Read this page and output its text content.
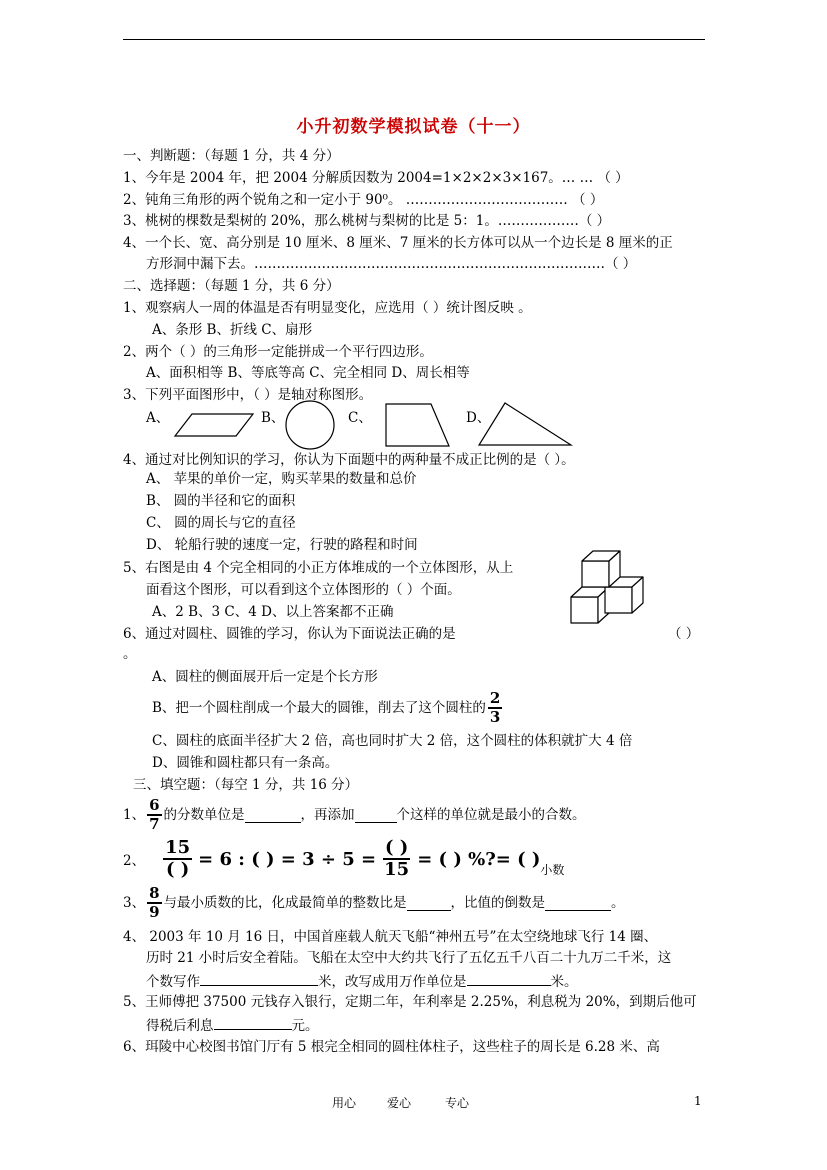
小升初数学模拟试卷（十一）
一、判断题：（每题 1 分，共 4 分）
1、今年是 2004 年，把 2004 分解质因数为 2004=1×2×2×3×167。… … （ ）
2、钝角三角形的两个锐角之和一定小于 90⁰。 ……………………………… （ ）
3、桃树的棵数是梨树的 20%，那么桃树与梨树的比是 5：1。………………（ ）
4、一个长、宽、高分别是 10 厘米、8 厘米、7 厘米的长方体可以从一个边长是 8 厘米的正
方形洞中漏下去。……………………………………………………………………（ ）
二、选择题：（每题 1 分，共 6 分）
1、观察病人一周的体温是否有明显变化，应选用（ ）统计图反映 。
A、条形 B、折线 C、扇形
2、两个（ ）的三角形一定能拼成一个平行四边形。
A、面积相等 B、等底等高 C、完全相同 D、周长相等
3、下列平面图形中，（ ）是轴对称图形。
A、	B、	C、	D、
4、通过对比例知识的学习，你认为下面题中的两种量不成正比例的是（ ）。
A、 苹果的单价一定，购买苹果的数量和总价
B、 圆的半径和它的面积
C、 圆的周长与它的直径
D、 轮船行驶的速度一定，行驶的路程和时间
5、右图是由 4 个完全相同的小正方体堆成的一个立体图形，从上
面看这个图形，可以看到这个立体图形的（ ）个面。
A、2 B、3 C、4 D、以上答案都不正确
6、通过对圆柱、圆锥的学习，你认为下面说法正确的是	（ ）
。
A、圆柱的侧面展开后一定是个长方形
B、把一个圆柱削成一个最大的圆锥，削去了这个圆柱的 $\frac{2}{3}$
C、圆柱的底面半径扩大 2 倍，高也同时扩大 2 倍，这个圆柱的体积就扩大 4 倍
D、圆锥和圆柱都只有一条高。
三、填空题：（每空 1 分，共 16 分）
1、 $\frac{6}{7}$ 的分数单位是	，再添加	个这样的单位就是最小的合数。
2、 $\frac{15}{( )} = 6$ : ( ) = $3 \div 5 = \frac{( )}{15}$ = ( ) %?= ( )
小数
3、 $\frac{8}{9}$ 与最小质数的比，化成最简单的整数比是	，比值的倒数是	。
4、 2003 年 10 月 16 日，中国首座载人航天飞船“神州五号”在太空绕地球飞行 14 圈、
历时 21 小时后安全着陆。飞船在太空中大约共飞行了五亿五千八百二十九万二千米，这
个数写作	米，改写成用万作单位是	米。
5、王师傅把 37500 元钱存入银行，定期二年，年利率是 2.25%，利息税为 20%，到期后他可
得税后利息	元。
6、珥陵中心校图书馆门厅有 5 根完全相同的圆柱体柱子，这些柱子的周长是 6.28 米、高
用心	爱心	专心	1
